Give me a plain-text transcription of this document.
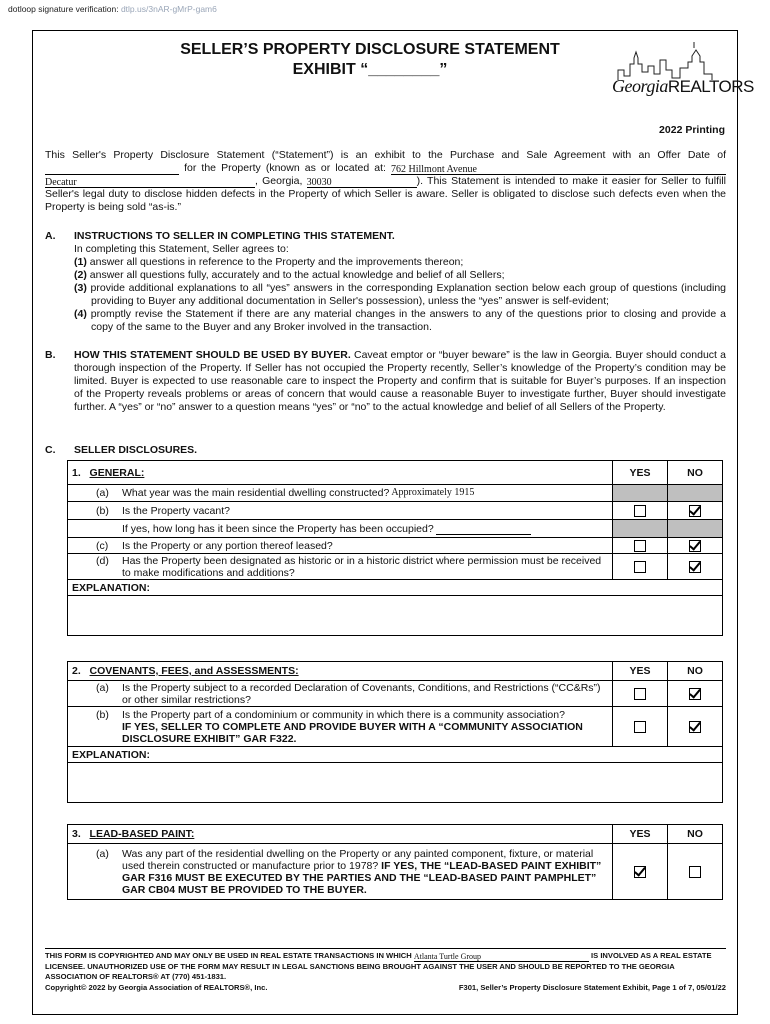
dotloop signature verification: dtlp.us/3nAR-gMrP-gam6
SELLER’S PROPERTY DISCLOSURE STATEMENT
EXHIBIT “________”
GeorgiaREALTORS
2022 Printing
This Seller's Property Disclosure Statement (“Statement”) is an exhibit to the Purchase and Sale Agreement with an Offer Date of  for the Property (known as or located at: 762 Hillmont Avenue Decatur	, Georgia, 30030	). This Statement is intended to make it easier for Seller to fulfill Seller's legal duty to disclose hidden defects in the Property of which Seller is aware. Seller is obligated to disclose such defects even when the Property is being sold “as-is.”
A. INSTRUCTIONS TO SELLER IN COMPLETING THIS STATEMENT.
In completing this Statement, Seller agrees to:
(1) answer all questions in reference to the Property and the improvements thereon;
(2) answer all questions fully, accurately and to the actual knowledge and belief of all Sellers;
(3) provide additional explanations to all “yes” answers in the corresponding Explanation section below each group of questions (including providing to Buyer any additional documentation in Seller's possession), unless the “yes” answer is self-evident;
(4) promptly revise the Statement if there are any material changes in the answers to any of the questions prior to closing and provide a copy of the same to the Buyer and any Broker involved in the transaction.
B. HOW THIS STATEMENT SHOULD BE USED BY BUYER. Caveat emptor or “buyer beware” is the law in Georgia. Buyer should conduct a thorough inspection of the Property. If Seller has not occupied the Property recently, Seller’s knowledge of the Property’s condition may be limited. Buyer is expected to use reasonable care to inspect the Property and confirm that is suitable for Buyer’s purposes. If an inspection of the Property reveals problems or areas of concern that would cause a reasonable Buyer to investigate further, Buyer should investigate further. A “yes” or “no” answer to a question means “yes” or “no” to the actual knowledge and belief of all Sellers of the Property.
C. SELLER DISCLOSURES.
1. GENERAL:	YES	NO

(a) What year was the main residential dwelling constructed? Approximately 1915		

(b) Is the Property vacant?		

If yes, how long has it been since the Property has been occupied?		

(c) Is the Property or any portion thereof leased?		

(d) Has the Property been designated as historic or in a historic district where permission must be received to make modifications and additions?		

EXPLANATION:		

2. COVENANTS, FEES, and ASSESSMENTS:	YES	NO

(a) Is the Property subject to a recorded Declaration of Covenants, Conditions, and Restrictions (“CC&Rs”) or other similar restrictions?		

(b) Is the Property part of a condominium or community in which there is a community association?
IF YES, SELLER TO COMPLETE AND PROVIDE BUYER WITH A “COMMUNITY ASSOCIATION DISCLOSURE EXHIBIT” GAR F322.		

EXPLANATION:		

3. LEAD-BASED PAINT:	YES	NO

(a) Was any part of the residential dwelling on the Property or any painted component, fixture, or material used therein constructed or manufacture prior to 1978? IF YES, THE “LEAD-BASED PAINT EXHIBIT” GAR F316 MUST BE EXECUTED BY THE PARTIES AND THE “LEAD-BASED PAINT PAMPHLET” GAR CB04 MUST BE PROVIDED TO THE BUYER.		

THIS FORM IS COPYRIGHTED AND MAY ONLY BE USED IN REAL ESTATE TRANSACTIONS IN WHICH Atlanta Turtle Group	IS INVOLVED AS A REAL ESTATE LICENSEE. UNAUTHORIZED USE OF THE FORM MAY RESULT IN LEGAL SANCTIONS BEING BROUGHT AGAINST THE USER AND SHOULD BE REPORTED TO THE GEORGIA ASSOCIATION OF REALTORS® AT (770) 451-1831.
Copyright© 2022 by Georgia Association of REALTORS®, Inc.	F301, Seller’s Property Disclosure Statement Exhibit, Page 1 of 7, 05/01/22
